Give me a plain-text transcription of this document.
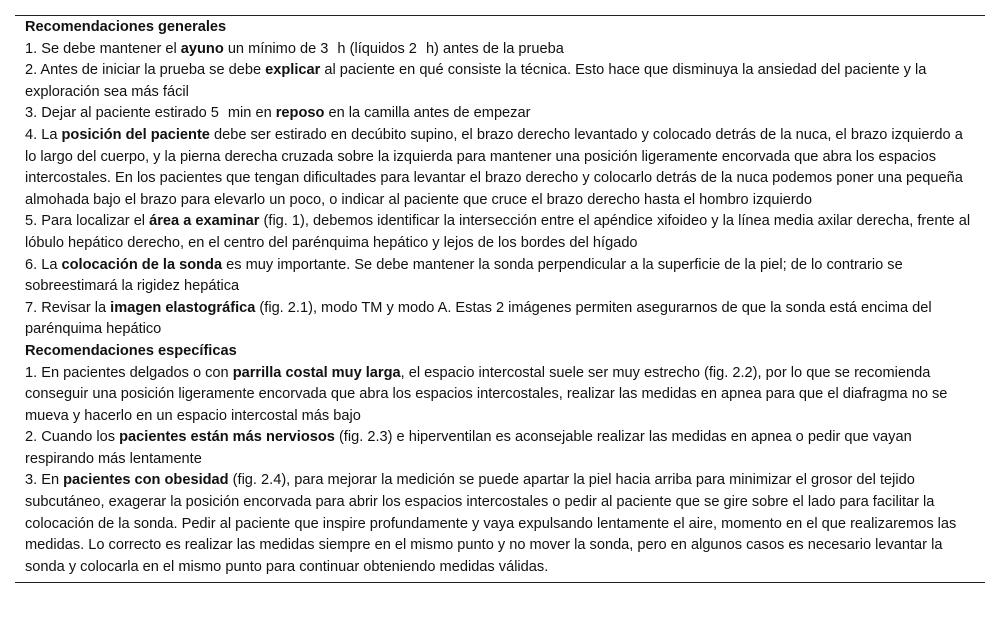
Recomendaciones generales
1. Se debe mantener el ayuno un mínimo de 3 h (líquidos 2 h) antes de la prueba
2. Antes de iniciar la prueba se debe explicar al paciente en qué consiste la técnica. Esto hace que disminuya la ansiedad del paciente y la exploración sea más fácil
3. Dejar al paciente estirado 5 min en reposo en la camilla antes de empezar
4. La posición del paciente debe ser estirado en decúbito supino, el brazo derecho levantado y colocado detrás de la nuca, el brazo izquierdo a lo largo del cuerpo, y la pierna derecha cruzada sobre la izquierda para mantener una posición ligeramente encorvada que abra los espacios intercostales. En los pacientes que tengan dificultades para levantar el brazo derecho y colocarlo detrás de la nuca podemos poner una pequeña almohada bajo el brazo para elevarlo un poco, o indicar al paciente que cruce el brazo derecho hasta el hombro izquierdo
5. Para localizar el área a examinar (fig. 1), debemos identificar la intersección entre el apéndice xifoideo y la línea media axilar derecha, frente al lóbulo hepático derecho, en el centro del parénquima hepático y lejos de los bordes del hígado
6. La colocación de la sonda es muy importante. Se debe mantener la sonda perpendicular a la superficie de la piel; de lo contrario se sobreestimará la rigidez hepática
7. Revisar la imagen elastográfica (fig. 2.1), modo TM y modo A. Estas 2 imágenes permiten asegurarnos de que la sonda está encima del parénquima hepático
Recomendaciones específicas
1. En pacientes delgados o con parrilla costal muy larga, el espacio intercostal suele ser muy estrecho (fig. 2.2), por lo que se recomienda conseguir una posición ligeramente encorvada que abra los espacios intercostales, realizar las medidas en apnea para que el diafragma no se mueva y hacerlo en un espacio intercostal más bajo
2. Cuando los pacientes están más nerviosos (fig. 2.3) e hiperventilan es aconsejable realizar las medidas en apnea o pedir que vayan respirando más lentamente
3. En pacientes con obesidad (fig. 2.4), para mejorar la medición se puede apartar la piel hacia arriba para minimizar el grosor del tejido subcutáneo, exagerar la posición encorvada para abrir los espacios intercostales o pedir al paciente que se gire sobre el lado para facilitar la colocación de la sonda. Pedir al paciente que inspire profundamente y vaya expulsando lentamente el aire, momento en el que realizaremos las medidas. Lo correcto es realizar las medidas siempre en el mismo punto y no mover la sonda, pero en algunos casos es necesario levantar la sonda y colocarla en el mismo punto para continuar obteniendo medidas válidas.
